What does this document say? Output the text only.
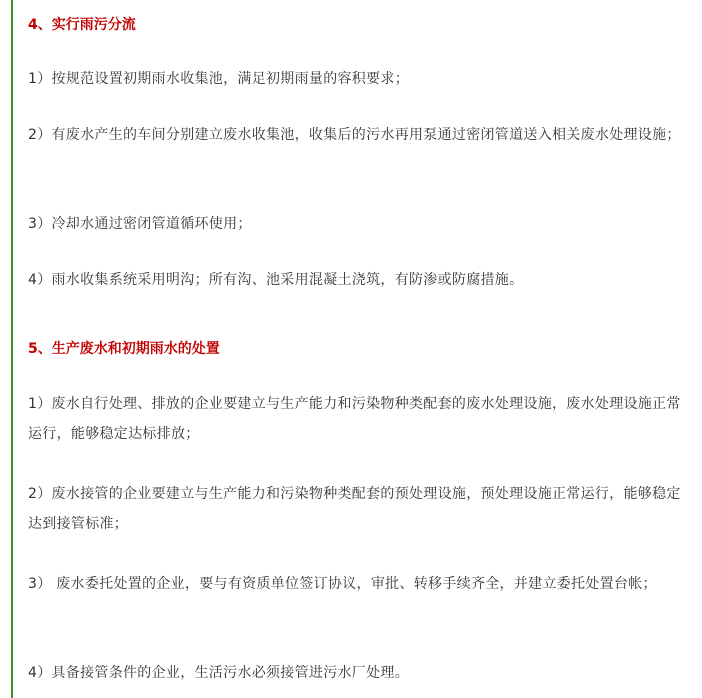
4、实行雨污分流

1）按规范设置初期雨水收集池，满足初期雨量的容积要求；

2）有废水产生的车间分别建立废水收集池，收集后的污水再用泵通过密闭管道送入相关废水处理设施；

3）冷却水通过密闭管道循环使用；

4）雨水收集系统采用明沟；所有沟、池采用混凝土浇筑，有防渗或防腐措施。

5、生产废水和初期雨水的处置

1）废水自行处理、排放的企业要建立与生产能力和污染物种类配套的废水处理设施，废水处理设施正常运行，能够稳定达标排放；

2）废水接管的企业要建立与生产能力和污染物种类配套的预处理设施，预处理设施正常运行，能够稳定达到接管标准；

3） 废水委托处置的企业，要与有资质单位签订协议，审批、转移手续齐全，并建立委托处置台帐；

4）具备接管条件的企业，生活污水必须接管进污水厂处理。
